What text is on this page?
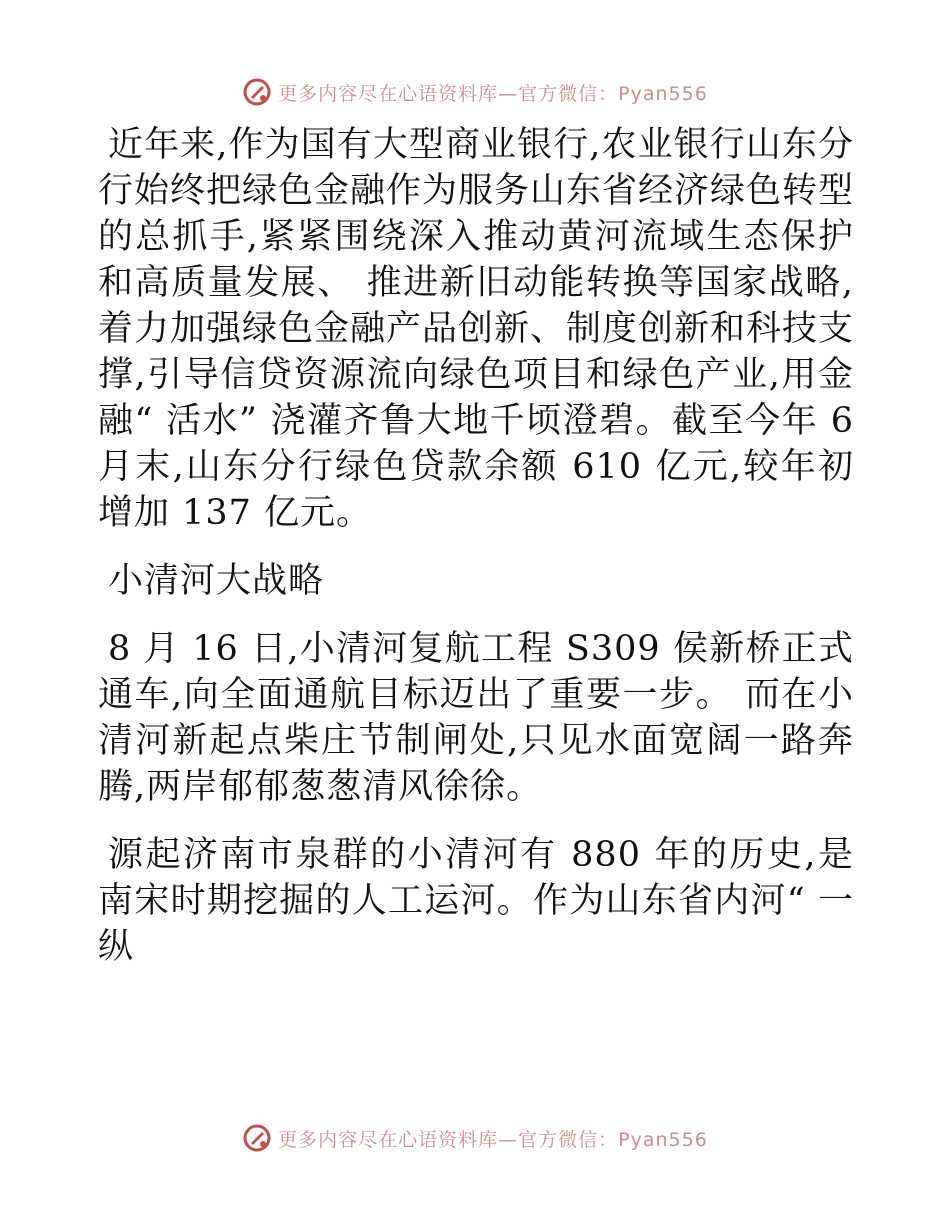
更多内容尽在心语资料库—官方微信：Pyan556

近年来,作为国有大型商业银行,农业银行山东分行始终把绿色金融作为服务山东省经济绿色转型的总抓手,紧紧围绕深入推动黄河流域生态保护和高质量发展、 推进新旧动能转换等国家战略,着力加强绿色金融产品创新、制度创新和科技支撑,引导信贷资源流向绿色项目和绿色产业,用金融“ 活水” 浇灌齐鲁大地千顷澄碧。截至今年 6 月末,山东分行绿色贷款余额 610 亿元,较年初增加 137 亿元。

小清河大战略

8 月 16 日,小清河复航工程 S309 侯新桥正式通车,向全面通航目标迈出了重要一步。 而在小清河新起点柴庄节制闸处,只见水面宽阔一路奔腾,两岸郁郁葱葱清风徐徐。

源起济南市泉群的小清河有 880 年的历史,是南宋时期挖掘的人工运河。作为山东省内河“ 一纵

更多内容尽在心语资料库—官方微信：Pyan556
